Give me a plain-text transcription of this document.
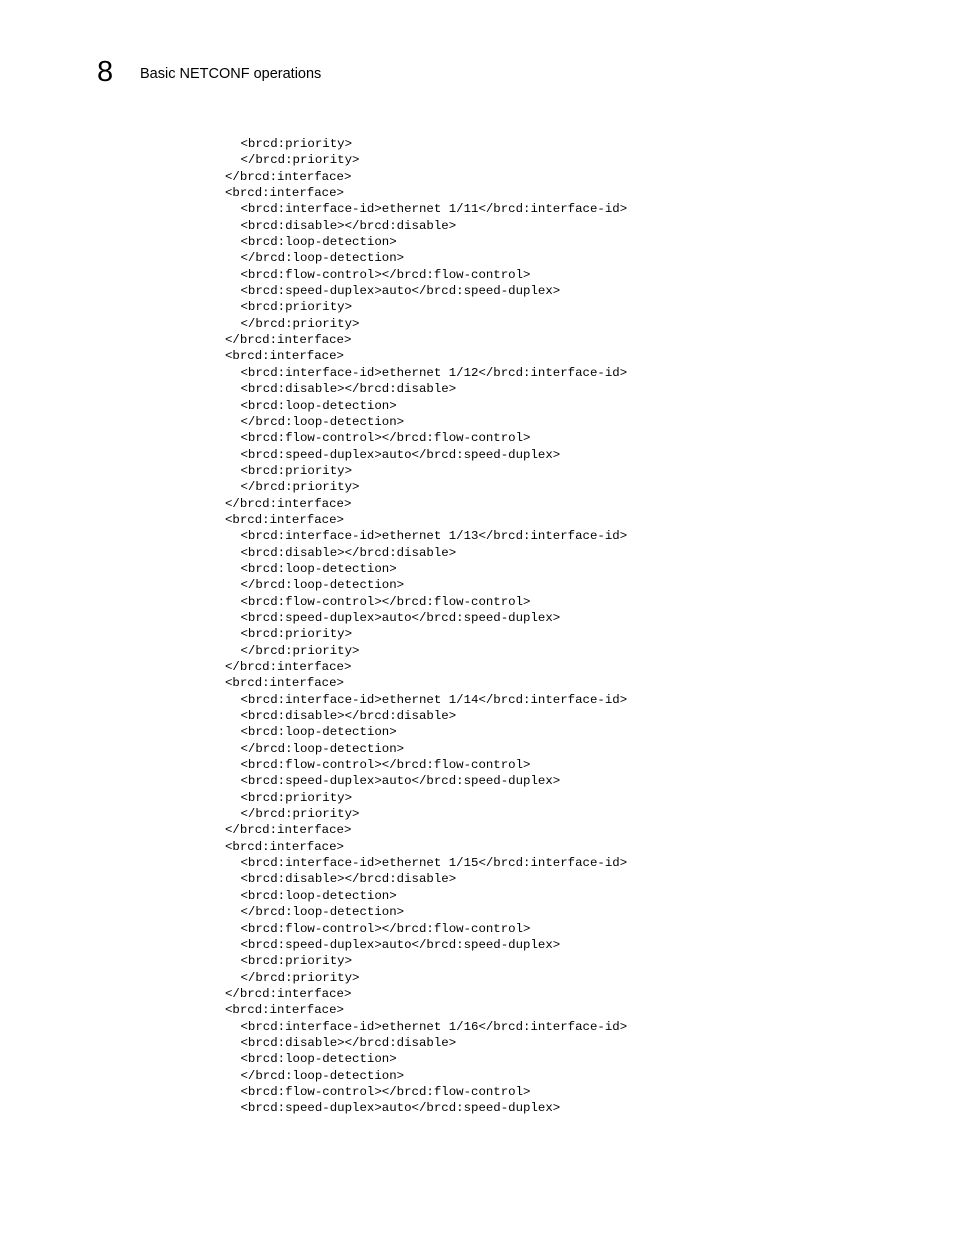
8	Basic NETCONF operations
<brcd:priority>
</brcd:priority>
</brcd:interface>
<brcd:interface>
<brcd:interface-id>ethernet 1/11</brcd:interface-id>
<brcd:disable></brcd:disable>
<brcd:loop-detection>
</brcd:loop-detection>
<brcd:flow-control></brcd:flow-control>
<brcd:speed-duplex>auto</brcd:speed-duplex>
<brcd:priority>
</brcd:priority>
</brcd:interface>
<brcd:interface>
<brcd:interface-id>ethernet 1/12</brcd:interface-id>
<brcd:disable></brcd:disable>
<brcd:loop-detection>
</brcd:loop-detection>
<brcd:flow-control></brcd:flow-control>
<brcd:speed-duplex>auto</brcd:speed-duplex>
<brcd:priority>
</brcd:priority>
</brcd:interface>
<brcd:interface>
<brcd:interface-id>ethernet 1/13</brcd:interface-id>
<brcd:disable></brcd:disable>
<brcd:loop-detection>
</brcd:loop-detection>
<brcd:flow-control></brcd:flow-control>
<brcd:speed-duplex>auto</brcd:speed-duplex>
<brcd:priority>
</brcd:priority>
</brcd:interface>
<brcd:interface>
<brcd:interface-id>ethernet 1/14</brcd:interface-id>
<brcd:disable></brcd:disable>
<brcd:loop-detection>
</brcd:loop-detection>
<brcd:flow-control></brcd:flow-control>
<brcd:speed-duplex>auto</brcd:speed-duplex>
<brcd:priority>
</brcd:priority>
</brcd:interface>
<brcd:interface>
<brcd:interface-id>ethernet 1/15</brcd:interface-id>
<brcd:disable></brcd:disable>
<brcd:loop-detection>
</brcd:loop-detection>
<brcd:flow-control></brcd:flow-control>
<brcd:speed-duplex>auto</brcd:speed-duplex>
<brcd:priority>
</brcd:priority>
</brcd:interface>
<brcd:interface>
<brcd:interface-id>ethernet 1/16</brcd:interface-id>
<brcd:disable></brcd:disable>
<brcd:loop-detection>
</brcd:loop-detection>
<brcd:flow-control></brcd:flow-control>
<brcd:speed-duplex>auto</brcd:speed-duplex>
